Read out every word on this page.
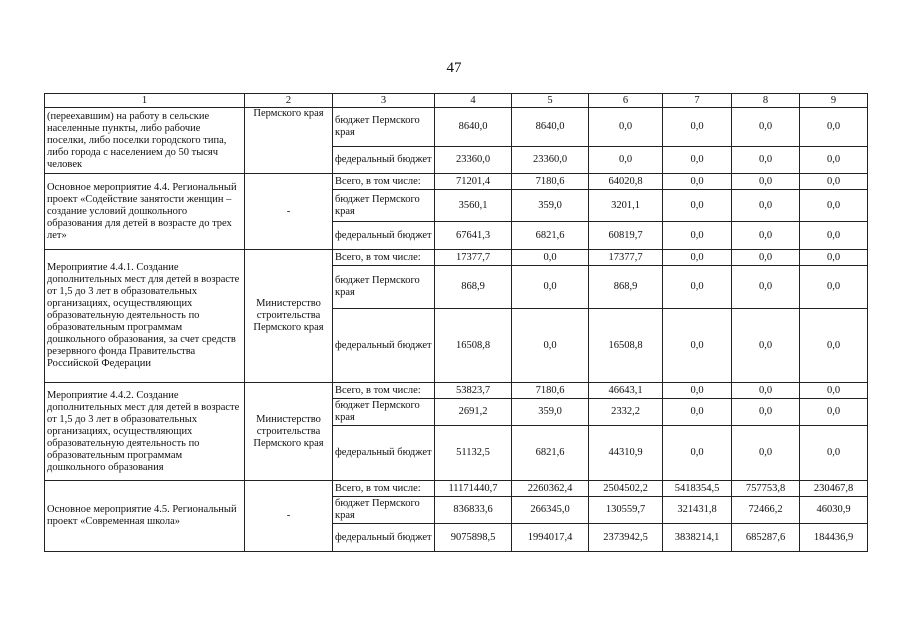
47
1	2	3	4	5	6	7	8	9
(переехавшим) на работу в сельские населенные пункты, либо рабочие поселки, либо поселки городского типа, либо города с населением до 50 тысяч человек	Пермского края	бюджет Пермского края	8640,0	8640,0	0,0	0,0	0,0	0,0
		федеральный бюджет	23360,0	23360,0	0,0	0,0	0,0	0,0
Основное мероприятие 4.4. Региональный проект «Содействие занятости женщин – создание условий дошкольного образования для детей в возрасте до трех лет»	-	Всего, в том числе:	71201,4	7180,6	64020,8	0,0	0,0	0,0
		бюджет Пермского края	3560,1	359,0	3201,1	0,0	0,0	0,0
		федеральный бюджет	67641,3	6821,6	60819,7	0,0	0,0	0,0
Мероприятие 4.4.1. Создание дополнительных мест для детей в возрасте от 1,5 до 3 лет в образовательных организациях, осуществляющих образовательную деятельность по образовательным программам дошкольного образования, за счет средств резервного фонда Правительства Российской Федерации	Министерство строительства Пермского края	Всего, в том числе:	17377,7	0,0	17377,7	0,0	0,0	0,0
		бюджет Пермского края	868,9	0,0	868,9	0,0	0,0	0,0
		федеральный бюджет	16508,8	0,0	16508,8	0,0	0,0	0,0
Мероприятие 4.4.2. Создание дополнительных мест для детей в возрасте от 1,5 до 3 лет в образовательных организациях, осуществляющих образовательную деятельность по образовательным программам дошкольного образования	Министерство строительства Пермского края	Всего, в том числе:	53823,7	7180,6	46643,1	0,0	0,0	0,0
		бюджет Пермского края	2691,2	359,0	2332,2	0,0	0,0	0,0
		федеральный бюджет	51132,5	6821,6	44310,9	0,0	0,0	0,0
Основное мероприятие 4.5. Региональный проект «Современная школа»	-	Всего, в том числе:	11171440,7	2260362,4	2504502,2	5418354,5	757753,8	230467,8
		бюджет Пермского края	836833,6	266345,0	130559,7	321431,8	72466,2	46030,9
		федеральный бюджет	9075898,5	1994017,4	2373942,5	3838214,1	685287,6	184436,9
